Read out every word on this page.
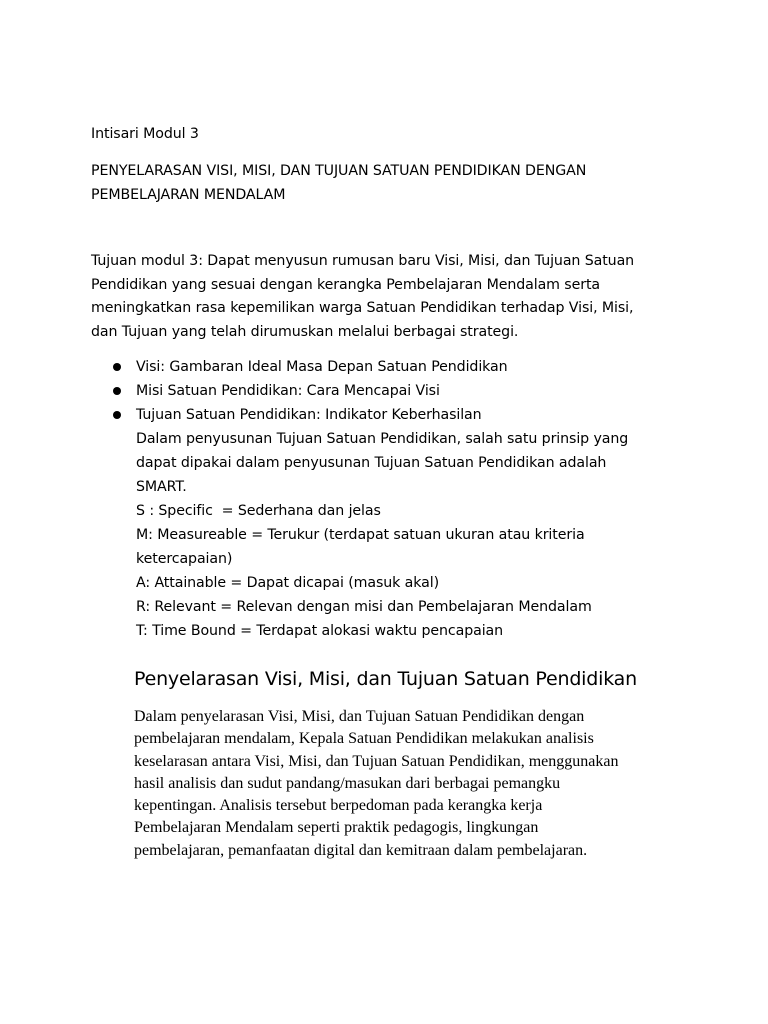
Intisari Modul 3
PENYELARASAN VISI, MISI, DAN TUJUAN SATUAN PENDIDIKAN DENGAN
PEMBELAJARAN MENDALAM

Tujuan modul 3: Dapat menyusun rumusan baru Visi, Misi, dan Tujuan Satuan
Pendidikan yang sesuai dengan kerangka Pembelajaran Mendalam serta
meningkatkan rasa kepemilikan warga Satuan Pendidikan terhadap Visi, Misi,
dan Tujuan yang telah dirumuskan melalui berbagai strategi.

Visi: Gambaran Ideal Masa Depan Satuan Pendidikan
Misi Satuan Pendidikan: Cara Mencapai Visi
Tujuan Satuan Pendidikan: Indikator Keberhasilan
Dalam penyusunan Tujuan Satuan Pendidikan, salah satu prinsip yang
dapat dipakai dalam penyusunan Tujuan Satuan Pendidikan adalah
SMART.
S : Specific  = Sederhana dan jelas
M: Measureable = Terukur (terdapat satuan ukuran atau kriteria
ketercapaian)
A: Attainable = Dapat dicapai (masuk akal)
R: Relevant = Relevan dengan misi dan Pembelajaran Mendalam
T: Time Bound = Terdapat alokasi waktu pencapaian
Penyelarasan Visi, Misi, dan Tujuan Satuan Pendidikan

Dalam penyelarasan Visi, Misi, dan Tujuan Satuan Pendidikan dengan
pembelajaran mendalam, Kepala Satuan Pendidikan melakukan analisis
keselarasan antara Visi, Misi, dan Tujuan Satuan Pendidikan, menggunakan
hasil analisis dan sudut pandang/masukan dari berbagai pemangku
kepentingan. Analisis tersebut berpedoman pada kerangka kerja
Pembelajaran Mendalam seperti praktik pedagogis, lingkungan
pembelajaran, pemanfaatan digital dan kemitraan dalam pembelajaran.
